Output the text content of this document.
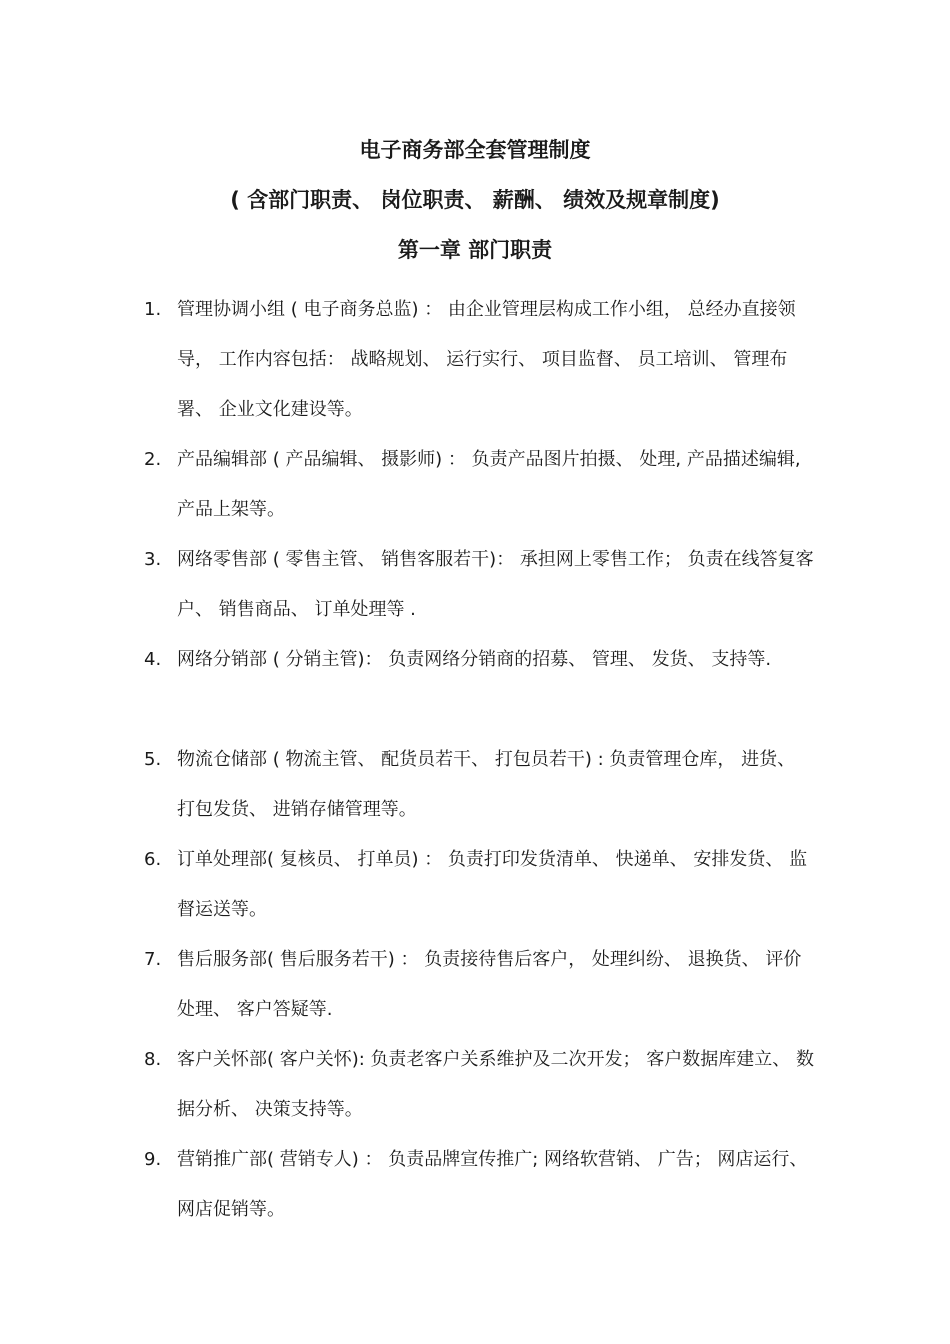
电子商务部全套管理制度
( 含部门职责、 岗位职责、 薪酬、 绩效及规章制度)
第一章 部门职责
1. 管理协调小组 ( 电子商务总监) ： 由企业管理层构成工作小组， 总经办直接领导， 工作内容包括： 战略规划、 运行实行、 项目监督、 员工培训、 管理布署、 企业文化建设等。
2. 产品编辑部 ( 产品编辑、 摄影师) ： 负责产品图片拍摄、 处理, 产品描述编辑, 产品上架等。
3. 网络零售部 ( 零售主管、 销售客服若干)： 承担网上零售工作； 负责在线答复客户、 销售商品、 订单处理等 .
4. 网络分销部 ( 分销主管)： 负责网络分销商的招募、 管理、 发货、 支持等.
5. 物流仓储部 ( 物流主管、 配货员若干、 打包员若干) : 负责管理仓库， 进货、 打包发货、 进销存储管理等。
6. 订单处理部( 复核员、 打单员) ： 负责打印发货清单、 快递单、 安排发货、 监督运送等。
7. 售后服务部( 售后服务若干) ： 负责接待售后客户， 处理纠纷、 退换货、 评价处理、 客户答疑等.
8. 客户关怀部( 客户关怀): 负责老客户关系维护及二次开发； 客户数据库建立、 数据分析、 决策支持等。
9. 营销推广部( 营销专人) ： 负责品牌宣传推广; 网络软营销、 广告； 网店运行、 网店促销等。
